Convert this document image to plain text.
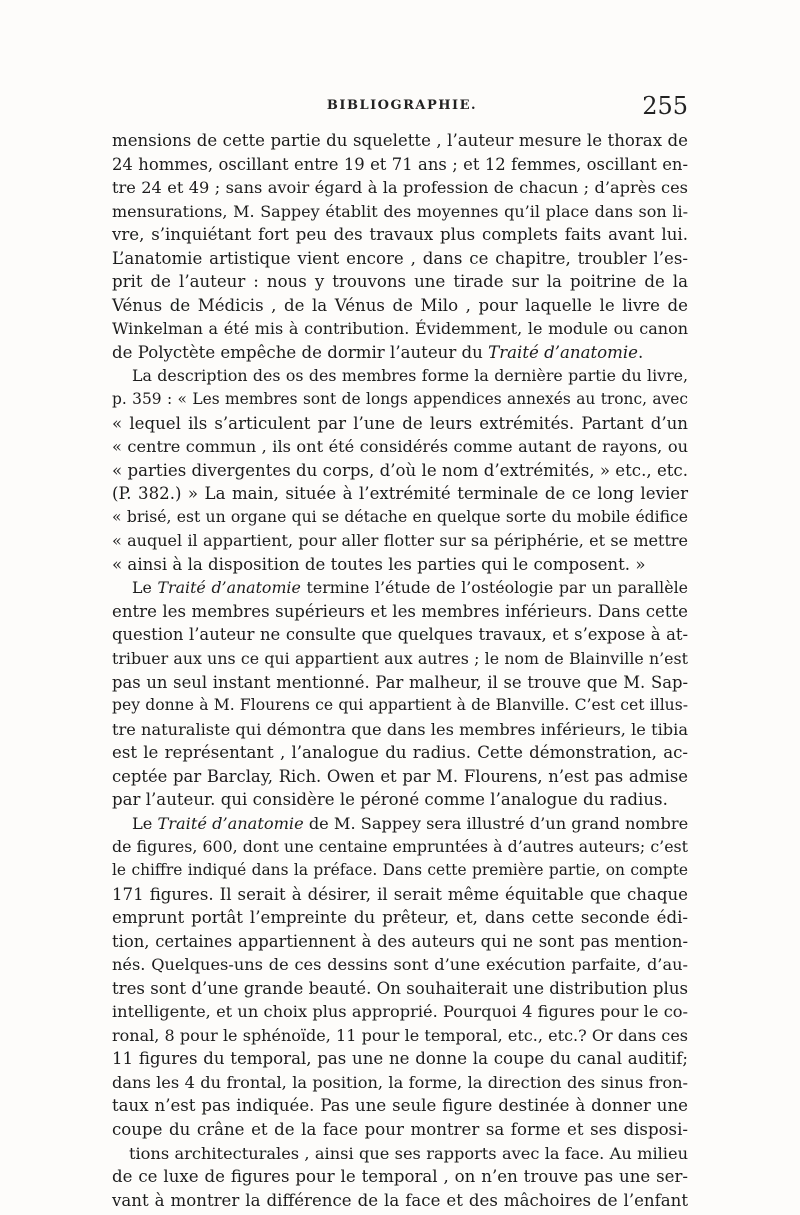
BIBLIOGRAPHIE.	255
mensions de cette partie du squelette , l’auteur mesure le thorax de
24 hommes, oscillant entre 19 et 71 ans ; et 12 femmes, oscillant en-
tre 24 et 49 ; sans avoir égard à la profession de chacun ; d’après ces
mensurations, M. Sappey établit des moyennes qu’il place dans son li-
vre, s’inquiétant fort peu des travaux plus complets faits avant lui.
L’anatomie artistique vient encore , dans ce chapitre, troubler l’es-
prit de l’auteur : nous y trouvons une tirade sur la poitrine de la
Vénus de Médicis , de la Vénus de Milo , pour laquelle le livre de
Winkelman a été mis à contribution. Évidemment, le module ou canon
de Polyctète empêche de dormir l’auteur du Traité d’anatomie.
La description des os des membres forme la dernière partie du livre,
p. 359 : « Les membres sont de longs appendices annexés au tronc, avec
« lequel ils s’articulent par l’une de leurs extrémités. Partant d’un
« centre commun , ils ont été considérés comme autant de rayons, ou
« parties divergentes du corps, d’où le nom d’extrémités, » etc., etc.
(P. 382.) » La main, située à l’extrémité terminale de ce long levier
« brisé, est un organe qui se détache en quelque sorte du mobile édifice
« auquel il appartient, pour aller flotter sur sa périphérie, et se mettre
« ainsi à la disposition de toutes les parties qui le composent. »
Le Traité d’anatomie termine l’étude de l’ostéologie par un parallèle
entre les membres supérieurs et les membres inférieurs. Dans cette
question l’auteur ne consulte que quelques travaux, et s’expose à at-
tribuer aux uns ce qui appartient aux autres ; le nom de Blainville n’est
pas un seul instant mentionné. Par malheur, il se trouve que M. Sap-
pey donne à M. Flourens ce qui appartient à de Blanville. C’est cet illus-
tre naturaliste qui démontra que dans les membres inférieurs, le tibia
est le représentant , l’analogue du radius. Cette démonstration, ac-
ceptée par Barclay, Rich. Owen et par M. Flourens, n’est pas admise
par l’auteur. qui considère le péroné comme l’analogue du radius.
Le Traité d’anatomie de M. Sappey sera illustré d’un grand nombre
de figures, 600, dont une centaine empruntées à d’autres auteurs; c’est
le chiffre indiqué dans la préface. Dans cette première partie, on compte
171 figures. Il serait à désirer, il serait même équitable que chaque
emprunt portât l’empreinte du prêteur, et, dans cette seconde édi-
tion, certaines appartiennent à des auteurs qui ne sont pas mention-
nés. Quelques-uns de ces dessins sont d’une exécution parfaite, d’au-
tres sont d’une grande beauté. On souhaiterait une distribution plus
intelligente, et un choix plus approprié. Pourquoi 4 figures pour le co-
ronal, 8 pour le sphénoïde, 11 pour le temporal, etc., etc.? Or dans ces
11 figures du temporal, pas une ne donne la coupe du canal auditif;
dans les 4 du frontal, la position, la forme, la direction des sinus fron-
taux n’est pas indiquée. Pas une seule figure destinée à donner une
coupe du crâne et de la face pour montrer sa forme et ses disposi-
tions architecturales , ainsi que ses rapports avec la face. Au milieu
de ce luxe de figures pour le temporal , on n’en trouve pas une ser-
vant à montrer la différence de la face et des mâchoires de l’enfant
